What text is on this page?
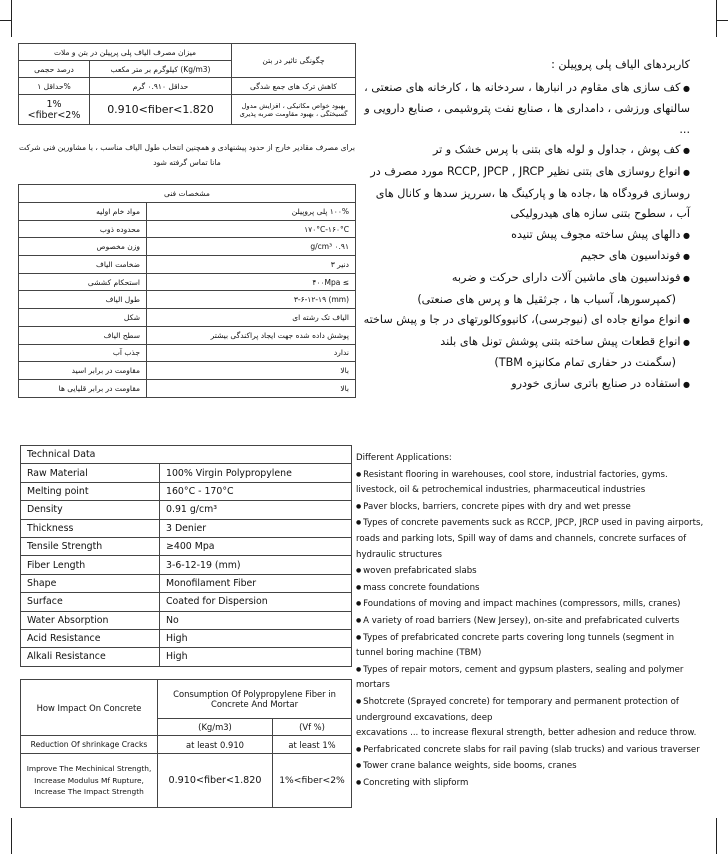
میزان مصرف الیاف پلی پرپیلن در بتن و ملات		چگونگی تاثیر در بتن
درصد حجمی	کیلوگرم بر متر مکعب (Kg/m3)	
حداقل ۱%	حداقل ۰.۹۱۰ گرم	کاهش ترک های جمع شدگی
1%<fiber<2%	0.910<fiber<1.820	بهبود خواص مکانیکی ، افزایش مدول گسیختگی ، بهبود مقاومت ضربه پذیری
برای مصرف مقادیر خارج از حدود پیشنهادی و همچنین انتخاب طول الیاف مناسب ، با مشاورین فنی شرکت مانا تماس گرفته شود
مشخصات فنی	
۱۰۰% پلی پروپیلن	مواد خام اولیه
۱۷۰°C-۱۶۰°C	محدوده ذوب
۰.۹۱ g/cm³	وزن مخصوص
دنیر ۳	ضخامت الیاف
≥ ۴۰۰Mpa	استحکام کششی
(mm) ۳-۶-۱۲-۱۹	طول الیاف
الیاف تک رشته ای	شکل
پوشش داده شده جهت ایجاد پراکندگی بیشتر	سطح الیاف
ندارد	جذب آب
بالا	مقاومت در برابر اسید
بالا	مقاومت در برابر قلیایی ها
کاربردهای الیاف پلی پروپیلن :
● کف سازی های مقاوم در انبارها ، سردخانه ها ، کارخانه های صنعتی ، سالنهای ورزشی ، دامداری ها ، صنایع نفت پتروشیمی ، صنایع دارویی و ...
● کف پوش ، جداول و لوله های بتنی با پرس خشک و تر
● انواع روسازی های بتنی نظیر RCCP, JPCP , JRCP مورد مصرف در روسازی فرودگاه ها ،جاده ها و پارکینگ ها ،سرریز سدها و کانال های آب ، سطوح بتنی سازه های هیدرولیکی
● دالهای پیش ساخته مجوف پیش تنیده
● فونداسیون های حجیم
● فونداسیون های ماشین آلات دارای حرکت و ضربه
(کمپرسورها، آسیاب ها ، جرثقیل ها و پرس های صنعتی)
● انواع موانع جاده ای (نیوجرسی)، کانیووکالورتهای در جا و پیش ساخته
● انواع قطعات پیش ساخته بتنی پوشش تونل های بلند
(سگمنت در حفاری تمام مکانیزه TBM)
● استفاده در صنایع باتری سازی خودرو
Technical Data	
Raw Material	100% Virgin Polypropylene
Melting point	160°C - 170°C
Density	0.91 g/cm³
Thickness	3 Denier
Tensile Strength	≥400 Mpa
Fiber Length	3-6-12-19 (mm)
Shape	Monofilament Fiber
Surface	Coated for Dispersion
Water Absorption	No
Acid Resistance	High
Alkali Resistance	High
How Impact On Concrete	Consumption Of Polypropylene Fiber in Concrete And Mortar	
	(Kg/m3)	(Vf %)
Reduction Of shrinkage Cracks	at least 0.910	at least 1%
Improve The Mechinical Strength, Increase Modulus Mf Rupture, Increase The Impact Strength	0.910<fiber<1.820	1%<fiber<2%
Different Applications:
● Resistant flooring in warehouses, cool store, industrial factories, gyms.
livestock, oil & petrochemical industries, pharmaceutical industries
● Paver blocks, barriers, concrete pipes with dry and wet presse
● Types of concrete pavements suck as RCCP, JPCP, JRCP used in paving airports,
roads and parking lots, Spill way of dams and channels, concrete surfaces of
hydraulic structures
● woven prefabricated slabs
● mass concrete foundations
● Foundations of moving and impact machines (compressors, mills, cranes)
● A variety of road barriers (New Jersey), on-site and prefabricated culverts
● Types of prefabricated concrete parts covering long tunnels (segment in
tunnel boring machine (TBM)
● Types of repair motors, cement and gypsum plasters, sealing and polymer
mortars
● Shotcrete (Sprayed concrete) for temporary and permanent protection of
underground excavations, deep
excavations ... to increase flexural strength, better adhesion and reduce throw.
● Perfabricated concrete slabs for rail paving (slab trucks) and various traverser
● Tower crane balance weights, side booms, cranes
● Concreting with slipform
